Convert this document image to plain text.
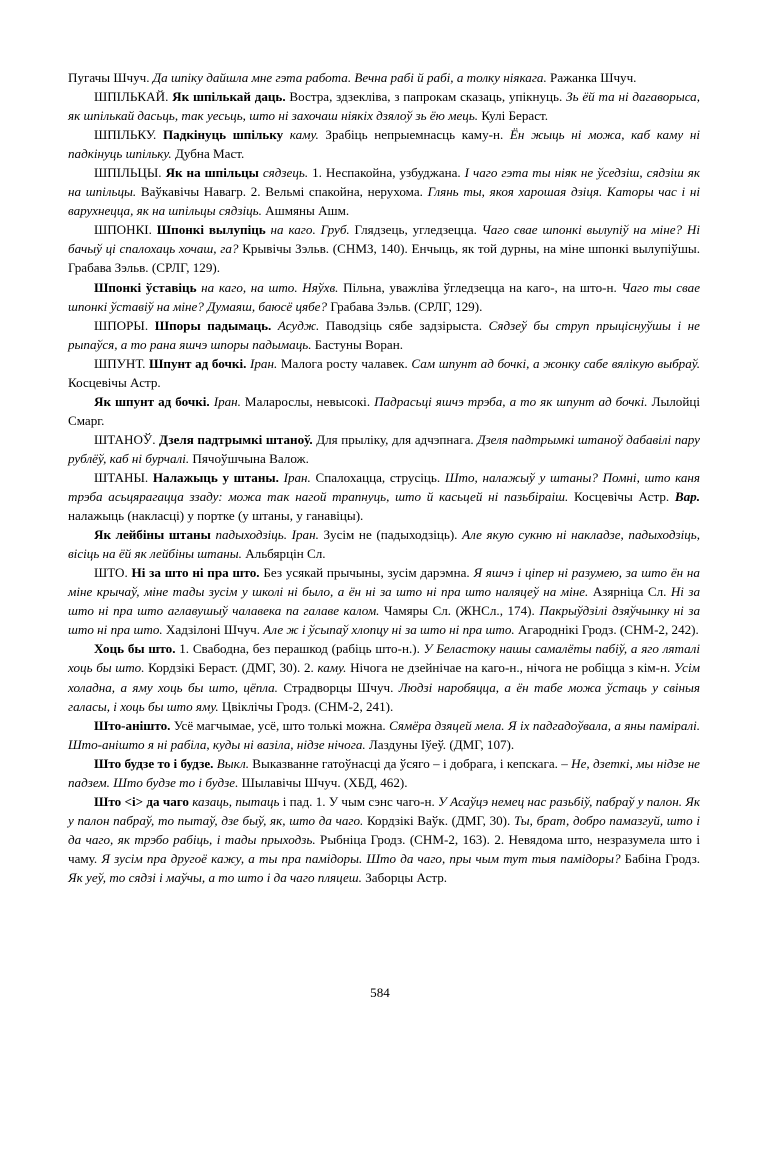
Пугачы Шчуч. Да шпіку дайшла мне гэта работа. Вечна рабі й рабі, а толку ніякага. Ражанка Шчуч.

ШПІЛЬКАЙ. Як шпількай даць. Востра, здзекліва, з папрокам сказаць, упікнуць. Зь ёй та ні дагаворыса, як шпількай дасьць, так уесьць, што ні захочаш ніякіх дзялоў зь ёю мець. Кулі Бераст.

ШПІЛЬКУ. Падкінуць шпільку каму. Зрабіць непрыемнасць каму-н. Ён жыць ні можа, каб каму ні падкінуць шпільку. Дубна Маст.

ШПІЛЬЦЫ. Як на шпільцы сядзець. 1. Неспакойна, узбуджана. І чаго гэта ты ніяк не ўседзіш, сядзіш як на шпільцы. Ваўкавічы Навагр. 2. Вельмі спакойна, нерухома. Глянь ты, якоя харошая дзіця. Каторы час і ні варухнецца, як на шпільцы сядзіць. Ашмяны Ашм.

ШПОНКІ. Шпонкі вылупіць на каго. Груб. Глядзець, угледзецца. Чаго свае шпонкі вылупіў на міне? Ні бачыў ці спалохаць хочаш, га? Крывічы Зэльв. (СНМЗ, 140). Енчыць, як той дурны, на міне шпонкі вылупіўшы. Грабава Зэльв. (СРЛГ, 129).

Шпонкі ўставіць на каго, на што. Няўхв. Пільна, уважліва ўгледзецца на каго-, на што-н. Чаго ты свае шпонкі ўставіў на міне? Думаяш, баюсё цябе? Грабава Зэльв. (СРЛГ, 129).

ШПОРЫ. Шпоры падымаць. Асудж. Паводзіць сябе задзірыста. Сядзеў бы струп прыціснуўшы і не рыпаўся, а то рана яшчэ шпоры падымаць. Бастуны Воран.

ШПУНТ. Шпунт ад бочкі. Іран. Малога росту чалавек. Сам шпунт ад бочкі, а жонку сабе вялікую выбраў. Косцевічы Астр.

Як шпунт ад бочкі. Іран. Маларослы, невысокі. Падрасьці яшчэ трэба, а то як шпунт ад бочкі. Лылойці Смарг.

ШТАНОЎ. Дзеля падтрымкі штаноў. Для прыліку, для адчэпнага. Дзеля падтрымкі штаноў дабавілі пару рублёў, каб ні бурчалі. Пячоўшчына Валож.

ШТАНЫ. Налажыць у штаны. Іран. Спалохацца, струсіць. Што, налажыў у штаны? Помні, што каня трэба асьцярагацца ззаду: можа так нагой трапнуць, што й касьцей ні пазьбіраіш. Косцевічы Астр. Вар. налажыць (накласці) у портке (у штаны, у ганавіцы).

Як лейбіны штаны падыходзіць. Іран. Зусім не (падыходзіць). Але якую сукню ні накладзе, падыходзіць, вісіць на ёй як лейбіны штаны. Альбярцін Сл.

ШТО. Ні за што ні пра што. Без усякай прычыны, зусім дарэмна. Я яшчэ і ціпер ні разумею, за што ён на міне крычаў, міне тады зусім у школі ні было, а ён ні за што ні пра што наляцеў на міне. Азярніца Сл. Ні за што ні пра што аглавушыў чалавека па галаве калом. Чамяры Сл. (ЖНСл., 174). Пакрыўдзілі дзяўчынку ні за што ні пра што. Хадзілоні Шчуч. Але ж і ўсыпаў хлопцу ні за што ні пра што. Агароднікі Гродз. (СНМ-2, 242).

Хоць бы што. 1. Свабодна, без перашкод (рабіць што-н.). У Беластоку нашы самалёты пабіў, а яго ляталі хоць бы што. Кордзікі Бераст. (ДМГ, 30). 2. каму. Нічога не дзейнічае на каго-н., нічога не робіцца з кім-н. Усім холадна, а яму хоць бы што, цёпла. Страдворцы Шчуч. Людзі наробяцца, а ён табе можа ўстаць у свіныя галасы, і хоць бы што яму. Цвіклічы Гродз. (СНМ-2, 241).

Што-анішто. Усё магчымае, усё, што толькі можна. Сямёра дзяцей мела. Я іх падгадоўвала, а яны паміралі. Што-анішто я ні рабіла, куды ні вазіла, нідзе нічога. Лаздуны Іўеў. (ДМГ, 107).

Што будзе то і будзе. Выкл. Выказванне гатоўнасці да ўсяго – і добрага, і кепскага. – Не, дзеткі, мы нідзе не падзем. Што будзе то і будзе. Шылавічы Шчуч. (ХБД, 462).

Што <і> да чаго казаць, пытаць і пад. 1. У чым сэнс чаго-н. У Асаўцэ немец нас разьбіў, пабраў у палон. Як у палон пабраў, то пытаў, дзе быў, як, што да чаго. Кордзікі Ваўк. (ДМГ, 30). Ты, брат, добро памазгуй, што і да чаго, як трэбо рабіць, і тады прыходзь. Рыбніца Гродз. (СНМ-2, 163). 2. Невядома што, незразумела што і чаму. Я зусім пра другоё кажу, а ты пра памідоры. Што да чаго, пры чым тут тыя памідоры? Бабіна Гродз. Як уеў, то сядзі і маўчы, а то што і да чаго пляцеш. Заборцы Астр.

584
